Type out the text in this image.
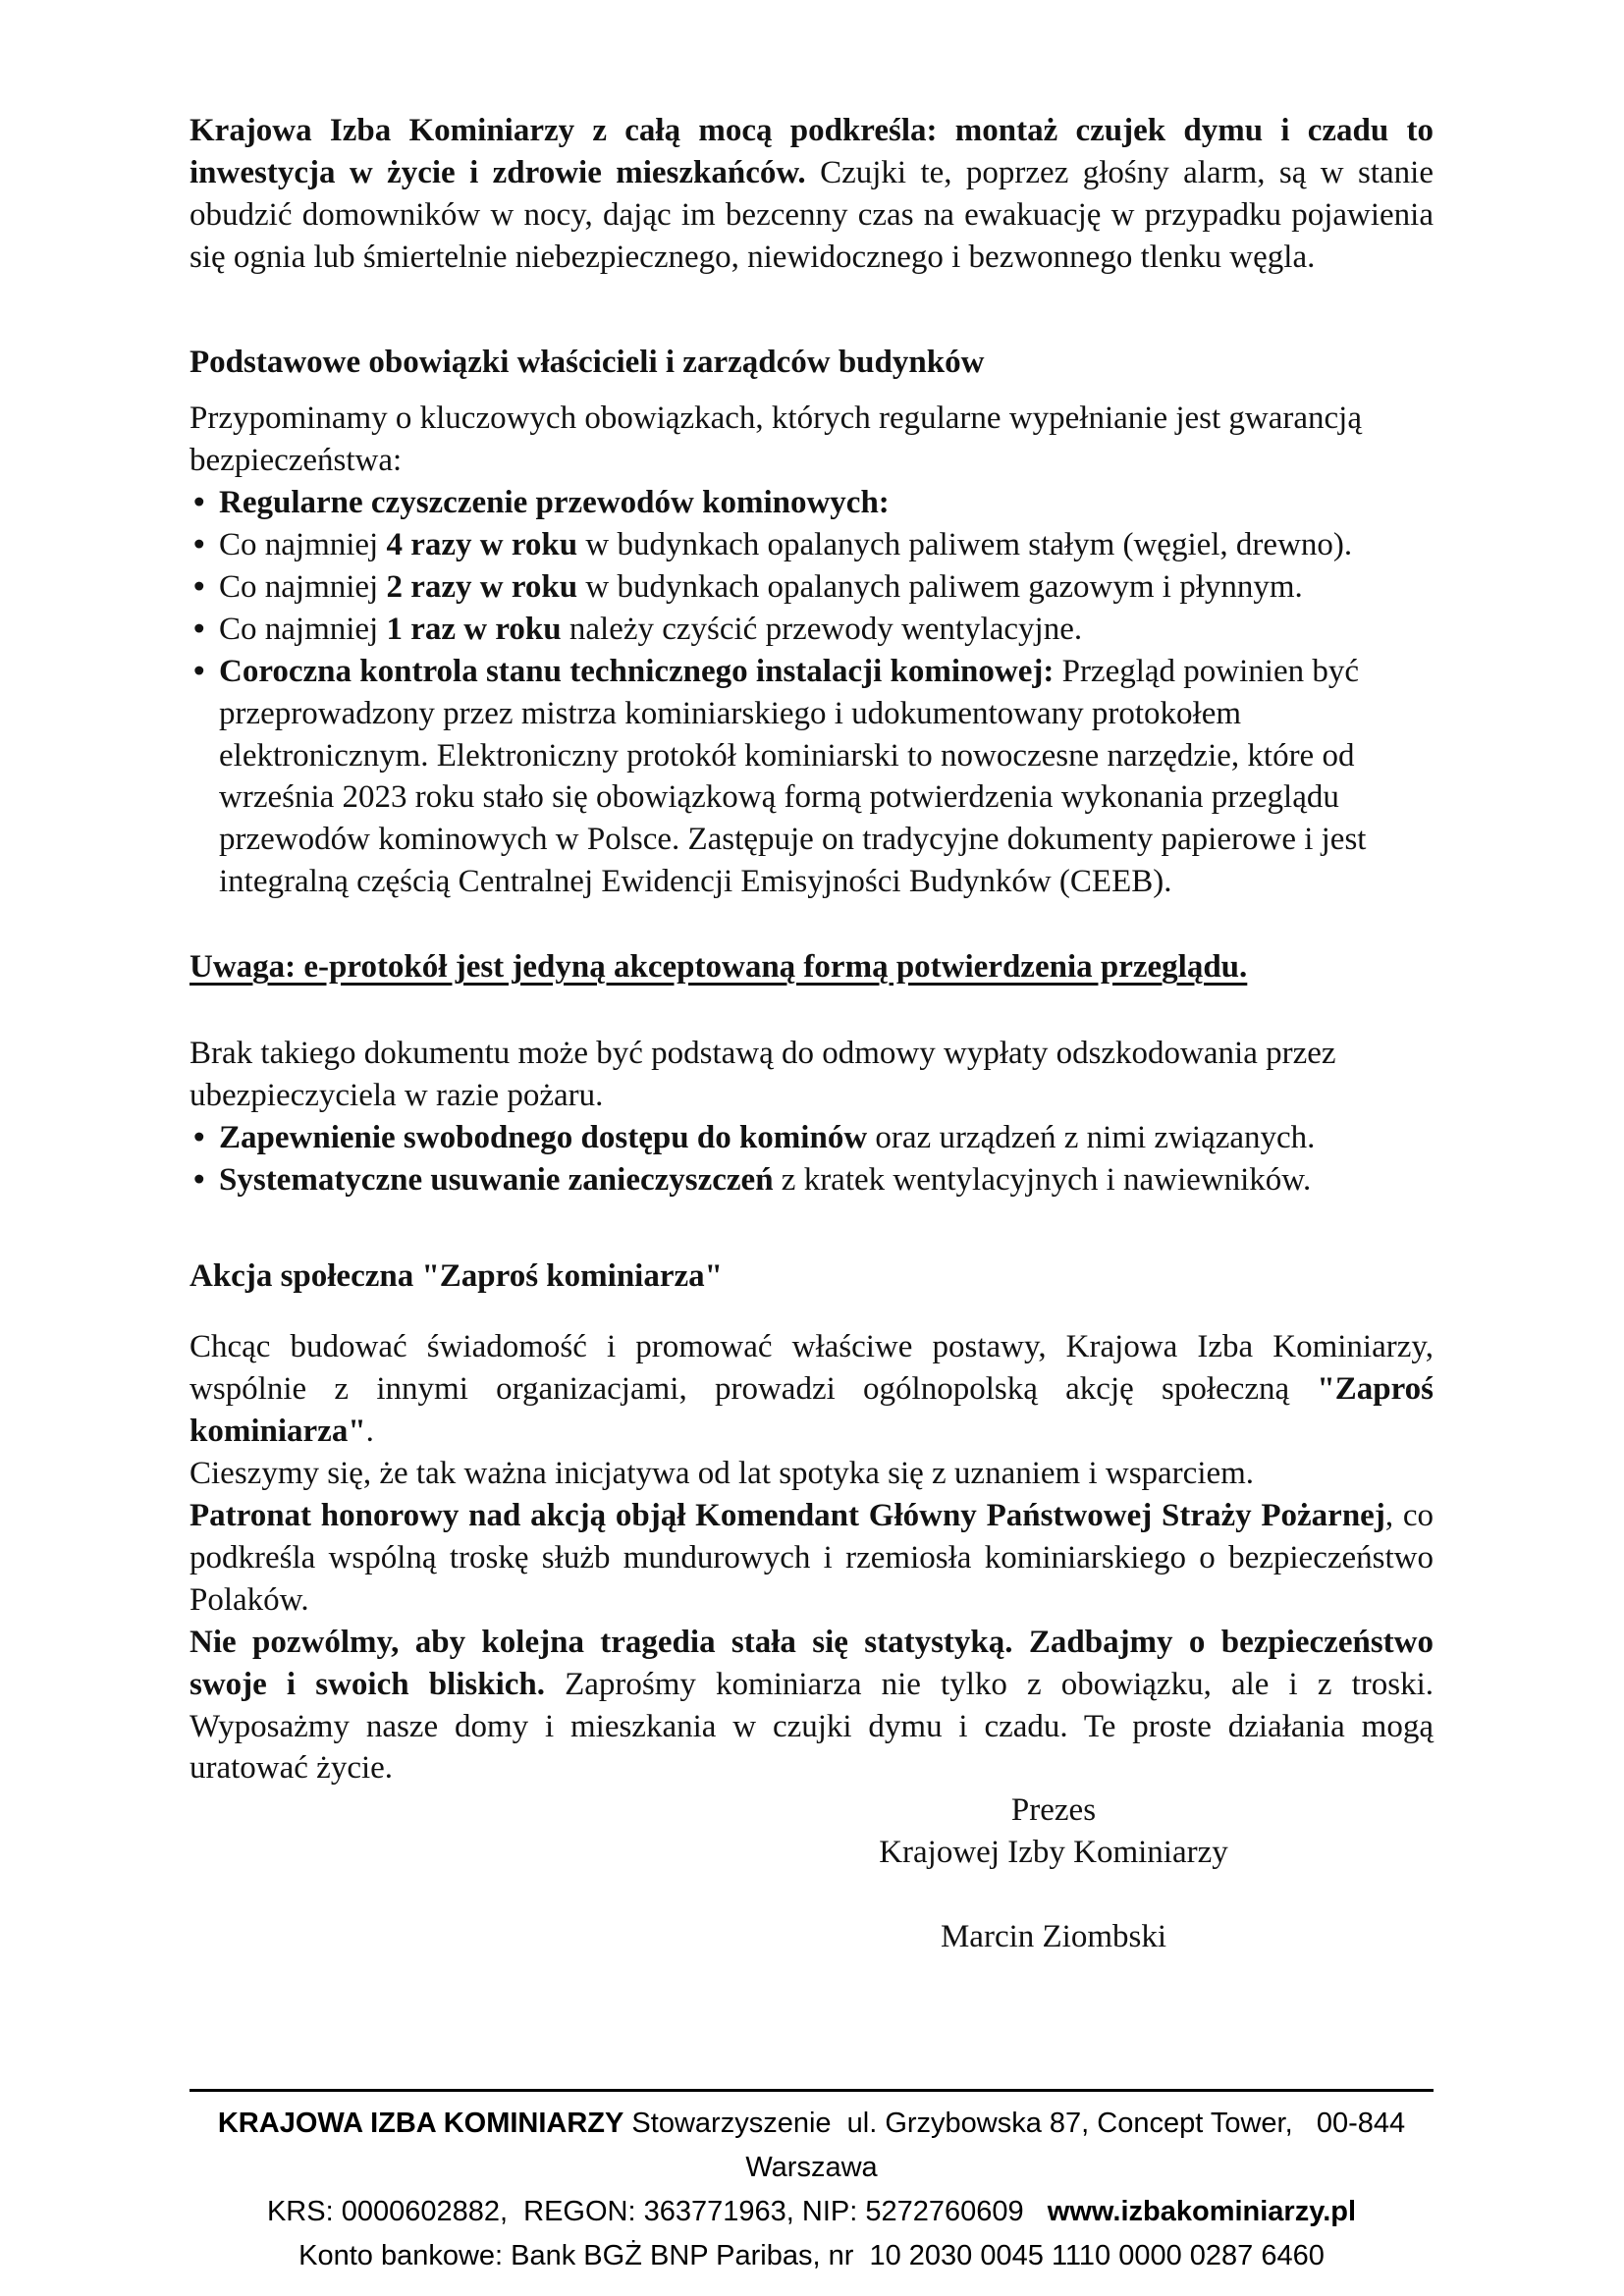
Krajowa Izba Kominiarzy z całą mocą podkreśla: montaż czujek dymu i czadu to inwestycja w życie i zdrowie mieszkańców. Czujki te, poprzez głośny alarm, są w stanie obudzić domowników w nocy, dając im bezcenny czas na ewakuację w przypadku pojawienia się ognia lub śmiertelnie niebezpiecznego, niewidocznego i bezwonnego tlenku węgla.

Podstawowe obowiązki właścicieli i zarządców budynków

Przypominamy o kluczowych obowiązkach, których regularne wypełnianie jest gwarancją bezpieczeństwa:

• Regularne czyszczenie przewodów kominowych:
• Co najmniej 4 razy w roku w budynkach opalanych paliwem stałym (węgiel, drewno).
• Co najmniej 2 razy w roku w budynkach opalanych paliwem gazowym i płynnym.
• Co najmniej 1 raz w roku należy czyścić przewody wentylacyjne.
• Coroczna kontrola stanu technicznego instalacji kominowej: Przegląd powinien być przeprowadzony przez mistrza kominiarskiego i udokumentowany protokołem elektronicznym. Elektroniczny protokół kominiarski to nowoczesne narzędzie, które od września 2023 roku stało się obowiązkową formą potwierdzenia wykonania przeglądu przewodów kominowych w Polsce. Zastępuje on tradycyjne dokumenty papierowe i jest integralną częścią Centralnej Ewidencji Emisyjności Budynków (CEEB).

Uwaga: e-protokół jest jedyną akceptowaną formą potwierdzenia przeglądu.

Brak takiego dokumentu może być podstawą do odmowy wypłaty odszkodowania przez ubezpieczyciela w razie pożaru.

• Zapewnienie swobodnego dostępu do kominów oraz urządzeń z nimi związanych.
• Systematyczne usuwanie zanieczyszczeń z kratek wentylacyjnych i nawiewników.

Akcja społeczna "Zaproś kominiarza"

Chcąc budować świadomość i promować właściwe postawy, Krajowa Izba Kominiarzy, wspólnie z innymi organizacjami, prowadzi ogólnopolską akcję społeczną "Zaproś kominiarza".

Cieszymy się, że tak ważna inicjatywa od lat spotyka się z uznaniem i wsparciem.

Patronat honorowy nad akcją objął Komendant Główny Państwowej Straży Pożarnej, co podkreśla wspólną troskę służb mundurowych i rzemiosła kominiarskiego o bezpieczeństwo Polaków.

Nie pozwólmy, aby kolejna tragedia stała się statystyką. Zadbajmy o bezpieczeństwo swoje i swoich bliskich. Zaprośmy kominiarza nie tylko z obowiązku, ale i z troski. Wyposażmy nasze domy i mieszkania w czujki dymu i czadu. Te proste działania mogą uratować życie.

Prezes

Krajowej Izby Kominiarzy

Marcin Ziombski

KRAJOWA IZBA KOMINIARZY Stowarzyszenie  ul. Grzybowska 87, Concept Tower,   00-844 Warszawa

KRS: 0000602882,  REGON: 363771963, NIP: 5272760609   www.izbakominiarzy.pl

Konto bankowe: Bank BGŻ BNP Paribas, nr  10 2030 0045 1110 0000 0287 6460
